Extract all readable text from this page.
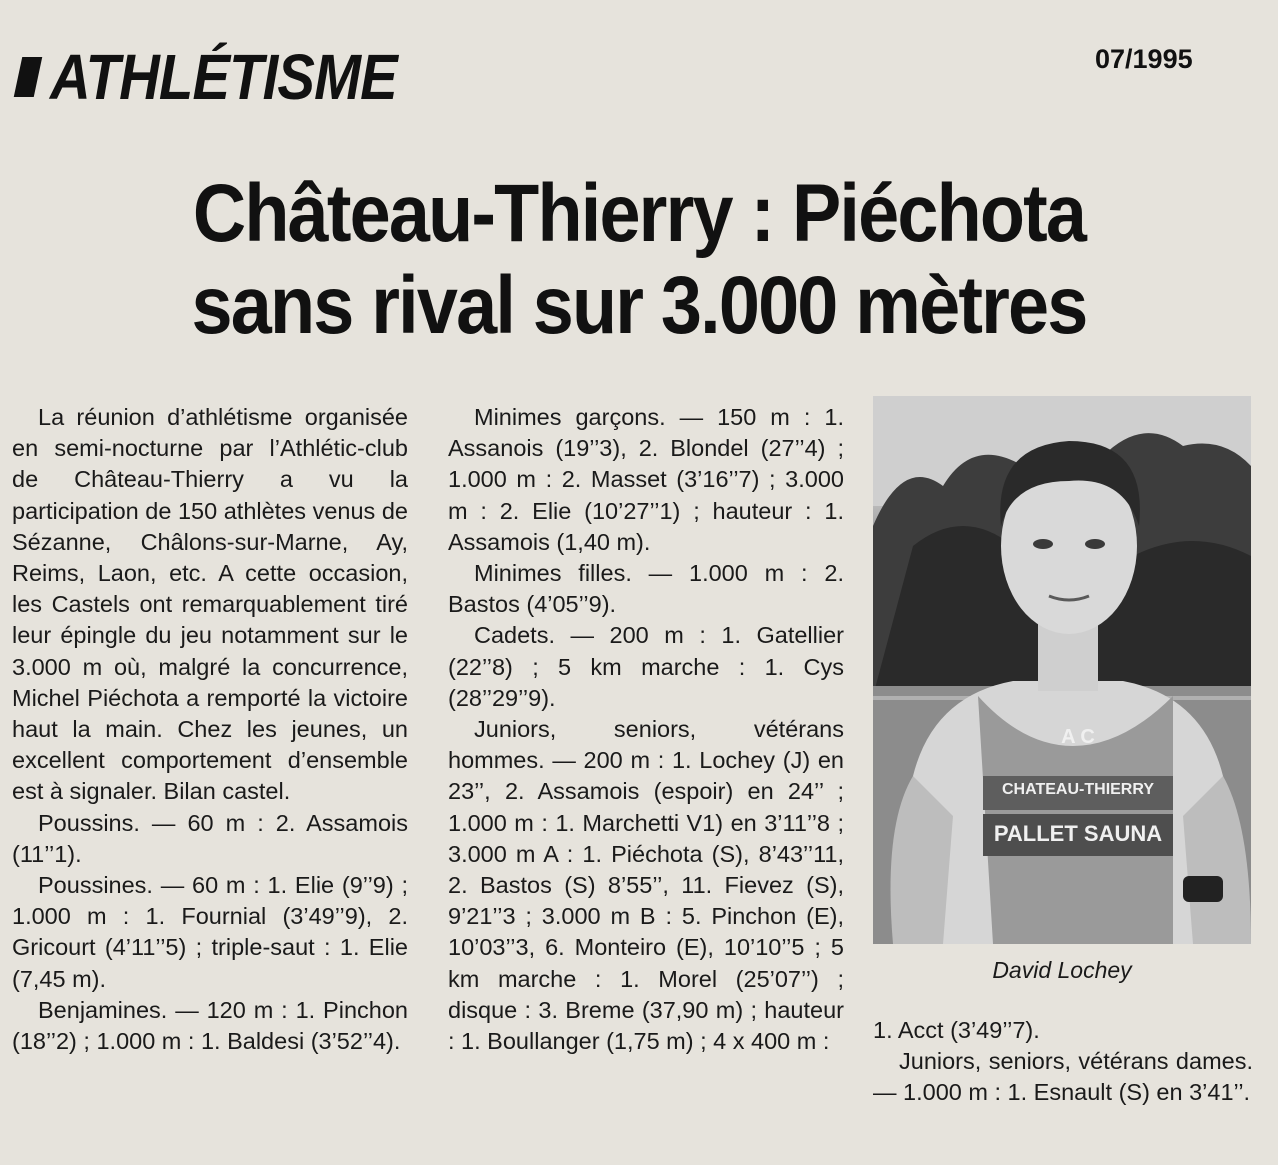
ATHLÉTISME	07/1995
Château-Thierry : Piéchota
sans rival sur 3.000 mètres

La réunion d’athlétisme organisée en semi-nocturne par l’Athlétic-club de Château-Thierry a vu la participation de 150 athlètes venus de Sézanne, Châlons-sur-Marne, Ay, Reims, Laon, etc. A cette occasion, les Castels ont remarquablement tiré leur épingle du jeu notamment sur le 3.000 m où, malgré la concurrence, Michel Piéchota a remporté la victoire haut la main. Chez les jeunes, un excellent comportement d’ensemble est à signaler. Bilan castel.

Poussins. — 60 m : 2. Assamois (11’’1).

Poussines. — 60 m : 1. Elie (9’’9) ; 1.000 m : 1. Fournial (3’49’’9), 2. Gricourt (4’11’’5) ; triple-saut : 1. Elie (7,45 m).

Benjamines. — 120 m : 1. Pinchon (18’’2) ; 1.000 m : 1. Baldesi (3’52’’4).

Minimes garçons. — 150 m : 1. Assanois (19’’3), 2. Blondel (27’’4) ; 1.000 m : 2. Masset (3’16’’7) ; 3.000 m : 2. Elie (10’27’’1) ; hauteur : 1. Assamois (1,40 m).

Minimes filles. — 1.000 m : 2. Bastos (4’05’’9).

Cadets. — 200 m : 1. Gatellier (22’’8) ; 5 km marche : 1. Cys (28’’29’’9).

Juniors, seniors, vétérans hommes. — 200 m : 1. Lochey (J) en 23’’, 2. Assamois (espoir) en 24’’ ; 1.000 m : 1. Marchetti V1) en 3’11’’8 ; 3.000 m A : 1. Piéchota (S), 8’43’’11, 2. Bastos (S) 8’55’’, 11. Fievez (S), 9’21’’3 ; 3.000 m B : 5. Pinchon (E), 10’03’’3, 6. Monteiro (E), 10’10’’5 ; 5 km marche : 1. Morel (25’07’’) ; disque : 3. Breme (37,90 m) ; hauteur : 1. Boullanger (1,75 m) ; 4 x 400 m :

A C
CHATEAU-THIERRY
PALLET SAUNA
David Lochey

1. Acct (3’49’’7).

Juniors, seniors, vétérans dames. — 1.000 m : 1. Esnault (S) en 3’41’’.
